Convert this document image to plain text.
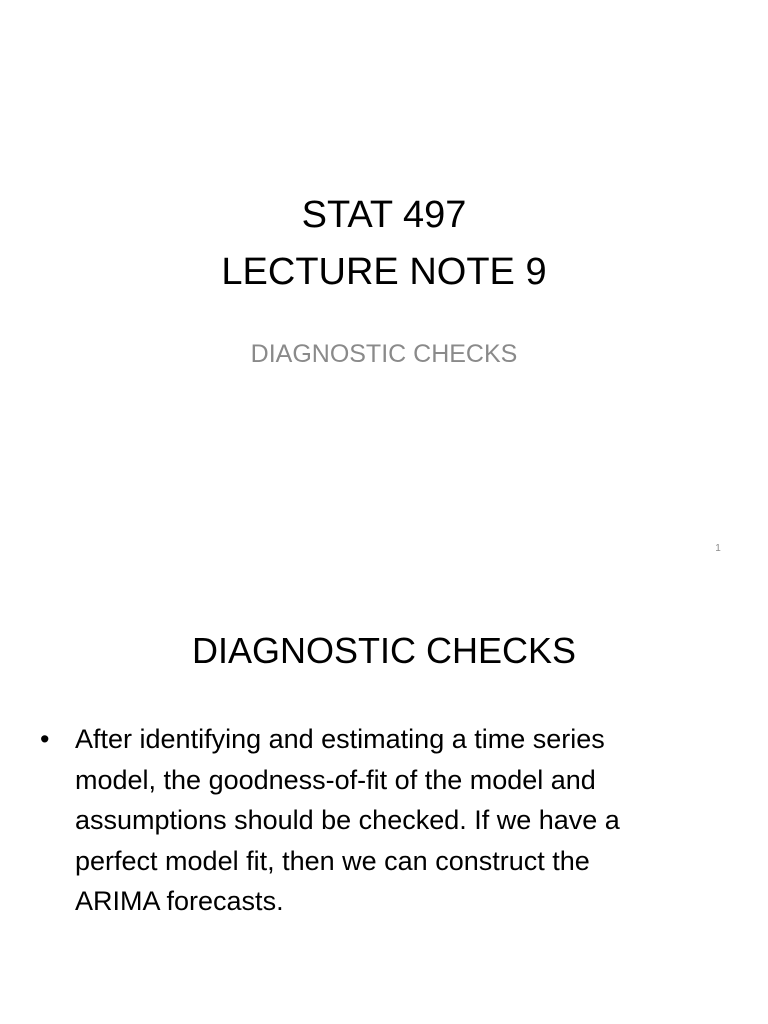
STAT 497
LECTURE NOTE 9
DIAGNOSTIC CHECKS
1
DIAGNOSTIC CHECKS
• After identifying and estimating a time series
model, the goodness-of-fit of the model and
assumptions should be checked. If we have a
perfect model fit, then we can construct the
ARIMA forecasts.
